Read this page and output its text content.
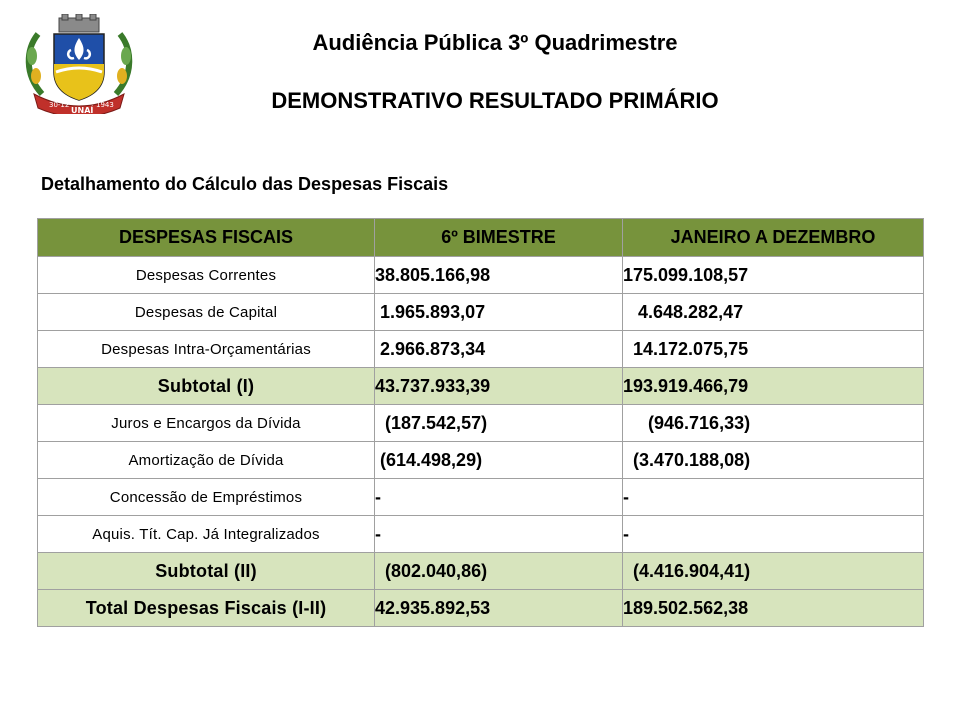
30-12
UNAÍ
1943
Audiência Pública 3º Quadrimestre
DEMONSTRATIVO RESULTADO PRIMÁRIO
Detalhamento do Cálculo das Despesas Fiscais
DESPESAS FISCAIS	6º BIMESTRE	JANEIRO A DEZEMBRO
Despesas Correntes	38.805.166,98	175.099.108,57
Despesas de Capital	1.965.893,07	4.648.282,47
Despesas Intra-Orçamentárias	2.966.873,34	14.172.075,75
Subtotal (I)	43.737.933,39	193.919.466,79
Juros e Encargos da Dívida	(187.542,57)	(946.716,33)
Amortização de Dívida	(614.498,29)	(3.470.188,08)
Concessão de Empréstimos	-	-
Aquis. Tít. Cap. Já Integralizados	-	-
Subtotal (II)	(802.040,86)	(4.416.904,41)
Total Despesas Fiscais (I-II)	42.935.892,53	189.502.562,38
